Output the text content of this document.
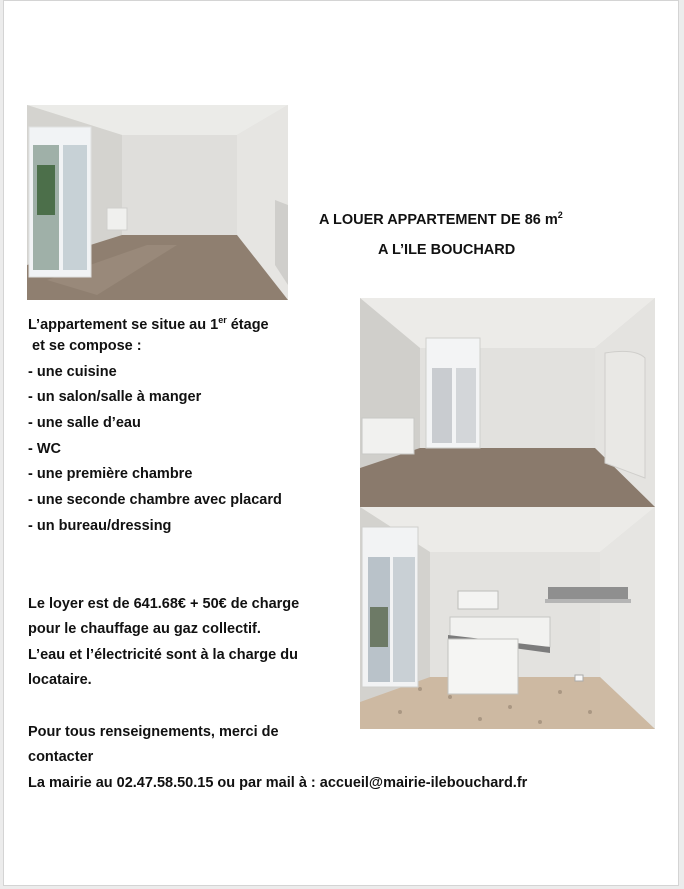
A LOUER APPARTEMENT DE 86 $m^2$
A L’ILE BOUCHARD
L’appartement se situe au 1er étage
et se compose :
- une cuisine
- un salon/salle à manger
- une salle d’eau
- WC
- une première chambre
- une seconde chambre avec placard
- un bureau/dressing
Le loyer est de 641.68€ + 50€ de charge
pour le chauffage au gaz collectif.
L’eau et l’électricité sont à la charge du
locataire.
Pour tous renseignements, merci de
contacter
La mairie au 02.47.58.50.15 ou par mail à : accueil@mairie-ilebouchard.fr
